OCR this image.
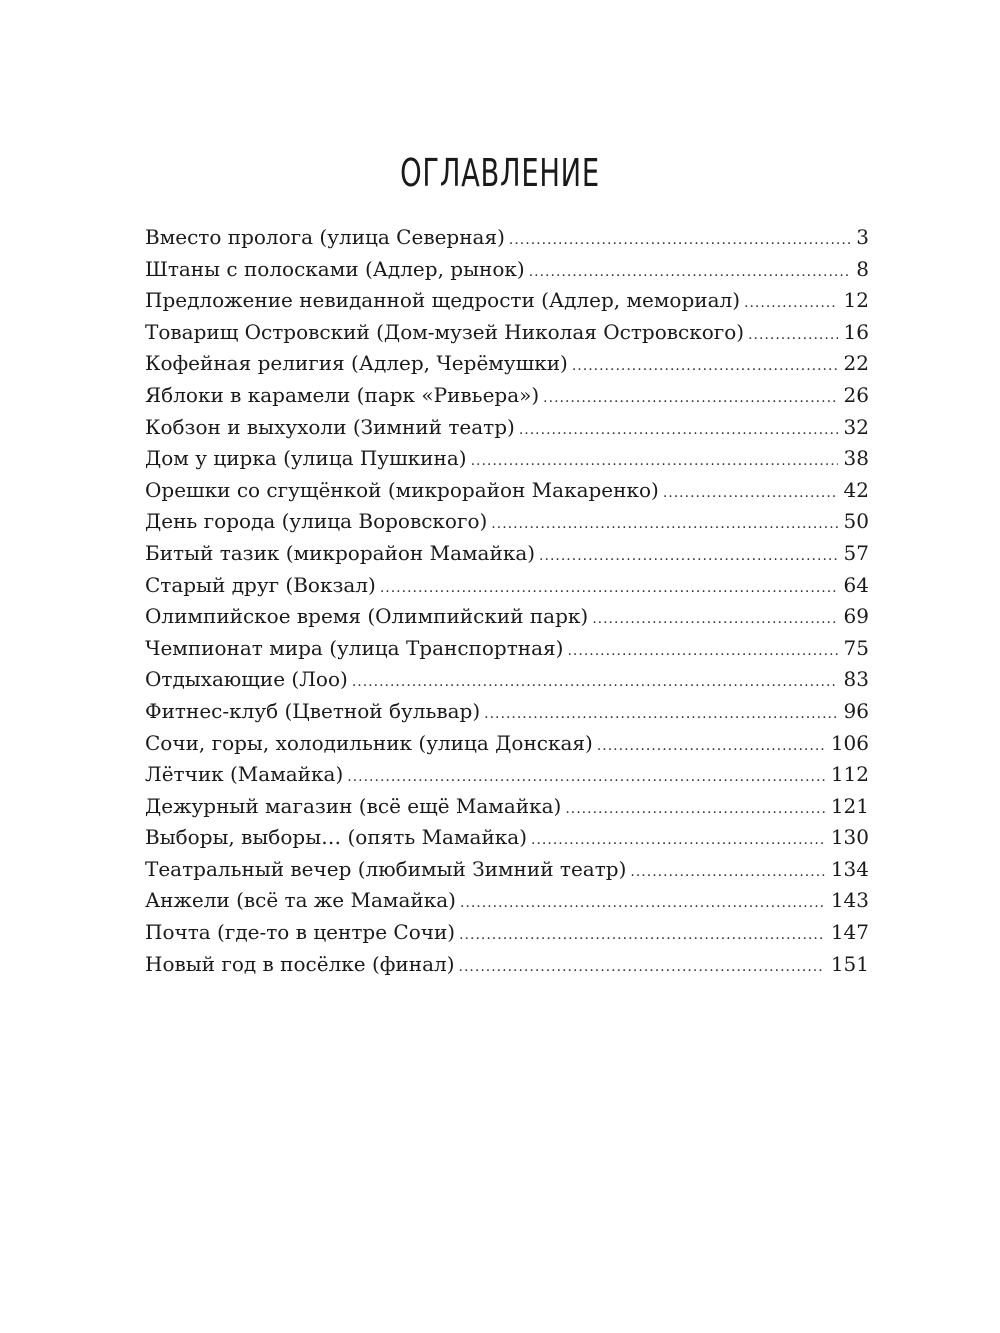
ОГЛАВЛЕНИЕ
Вместо пролога (улица Северная) .....	3
Штаны с полосками (Адлер, рынок) .....	8
Предложение невиданной щедрости (Адлер, мемориал) .....	12
Товарищ Островский (Дом-музей Николая Островского) .....	16
Кофейная религия (Адлер, Черёмушки) .....	22
Яблоки в карамели (парк «Ривьера») .....	26
Кобзон и выхухоли (Зимний театр) .....	32
Дом у цирка (улица Пушкина) .....	38
Орешки со сгущёнкой (микрорайон Макаренко) .....	42
День города (улица Воровского) .....	50
Битый тазик (микрорайон Мамайка) .....	57
Старый друг (Вокзал) .....	64
Олимпийское время (Олимпийский парк) .....	69
Чемпионат мира (улица Транспортная) .....	75
Отдыхающие (Лоо) .....	83
Фитнес-клуб (Цветной бульвар) .....	96
Сочи, горы, холодильник (улица Донская) .....	106
Лётчик (Мамайка) .....	112
Дежурный магазин (всё ещё Мамайка) .....	121
Выборы, выборы… (опять Мамайка) .....	130
Театральный вечер (любимый Зимний театр) .....	134
Анжели (всё та же Мамайка) .....	143
Почта (где-то в центре Сочи) .....	147
Новый год в посёлке (финал) .....	151
